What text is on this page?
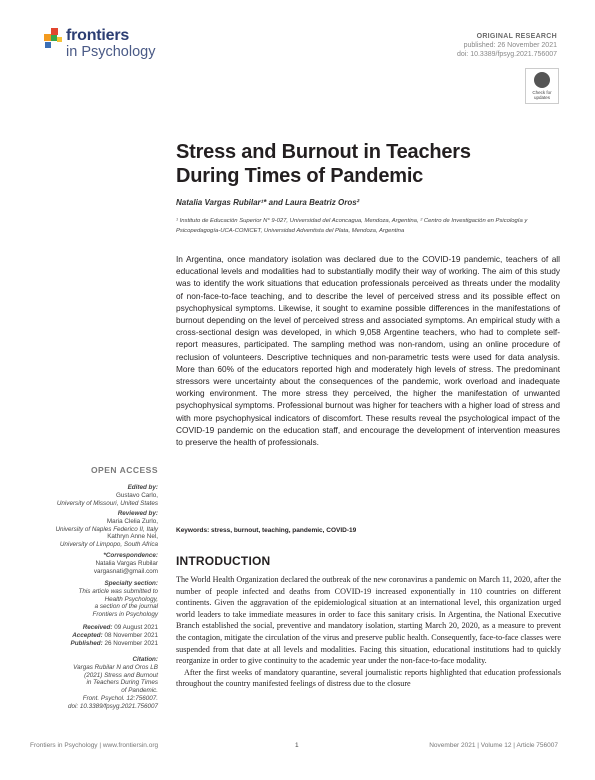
frontiers
in Psychology
ORIGINAL RESEARCH
published: 26 November 2021
doi: 10.3389/fpsyg.2021.756007
Check for
updates
Stress and Burnout in Teachers During Times of Pandemic
Natalia Vargas Rubilar¹* and Laura Beatriz Oros²
¹ Instituto de Educación Superior N° 9-027, Universidad del Aconcagua, Mendoza, Argentina, ² Centro de Investigación en Psicología y Psicopedagogía-UCA-CONICET, Universidad Adventista del Plata, Mendoza, Argentina
In Argentina, once mandatory isolation was declared due to the COVID-19 pandemic, teachers of all educational levels and modalities had to substantially modify their way of working. The aim of this study was to identify the work situations that education professionals perceived as threats under the modality of non-face-to-face teaching, and to describe the level of perceived stress and its possible effect on psychophysical symptoms. Likewise, it sought to examine possible differences in the manifestations of burnout depending on the level of perceived stress and associated symptoms. An empirical study with a cross-sectional design was developed, in which 9,058 Argentine teachers, who had to complete self-report measures, participated. The sampling method was non-random, using an online procedure of reclusion of volunteers. Descriptive techniques and non-parametric tests were used for data analysis. More than 60% of the educators reported high and moderately high levels of stress. The predominant stressors were uncertainty about the consequences of the pandemic, work overload and inadequate working environment. The more stress they perceived, the higher the manifestation of unwanted psychophysical symptoms. Professional burnout was higher for teachers with a higher load of stress and with more psychophysical indicators of discomfort. These results reveal the psychological impact of the COVID-19 pandemic on the education staff, and encourage the development of intervention measures to preserve the health of professionals.
Keywords: stress, burnout, teaching, pandemic, COVID-19
OPEN ACCESS
Edited by:
Gustavo Carlo,
University of Missouri, United States
Reviewed by:
Maria Clelia Zurlo,
University of Naples Federico II, Italy
Kathryn Anne Nel,
University of Limpopo, South Africa
*Correspondence:
Natalia Vargas Rubilar
vargasnati@gmail.com
Specialty section:
This article was submitted to
Health Psychology,
a section of the journal
Frontiers in Psychology
Received: 09 August 2021
Accepted: 08 November 2021
Published: 26 November 2021
Citation:
Vargas Rubilar N and Oros LB
(2021) Stress and Burnout
in Teachers During Times
of Pandemic.
Front. Psychol. 12:756007.
doi: 10.3389/fpsyg.2021.756007
INTRODUCTION

The World Health Organization declared the outbreak of the new coronavirus a pandemic on March 11, 2020, after the number of people infected and deaths from COVID-19 increased exponentially in 110 countries on different continents. Given the aggravation of the epidemiological situation at an international level, this organization urged world leaders to take immediate measures in order to face this sanitary crisis. In Argentina, the National Executive Branch established the social, preventive and mandatory isolation, starting March 20, 2020, as a measure to prevent the contagion, mitigate the circulation of the virus and preserve public health. Consequently, face-to-face classes were suspended from that date at all levels and modalities. Facing this situation, educational institutions had to quickly reorganize in order to give continuity to the academic year under the non-face-to-face modality.

After the first weeks of mandatory quarantine, several journalistic reports highlighted that education professionals throughout the country manifested feelings of distress due to the closure

Frontiers in Psychology | www.frontiersin.org	1	November 2021 | Volume 12 | Article 756007
